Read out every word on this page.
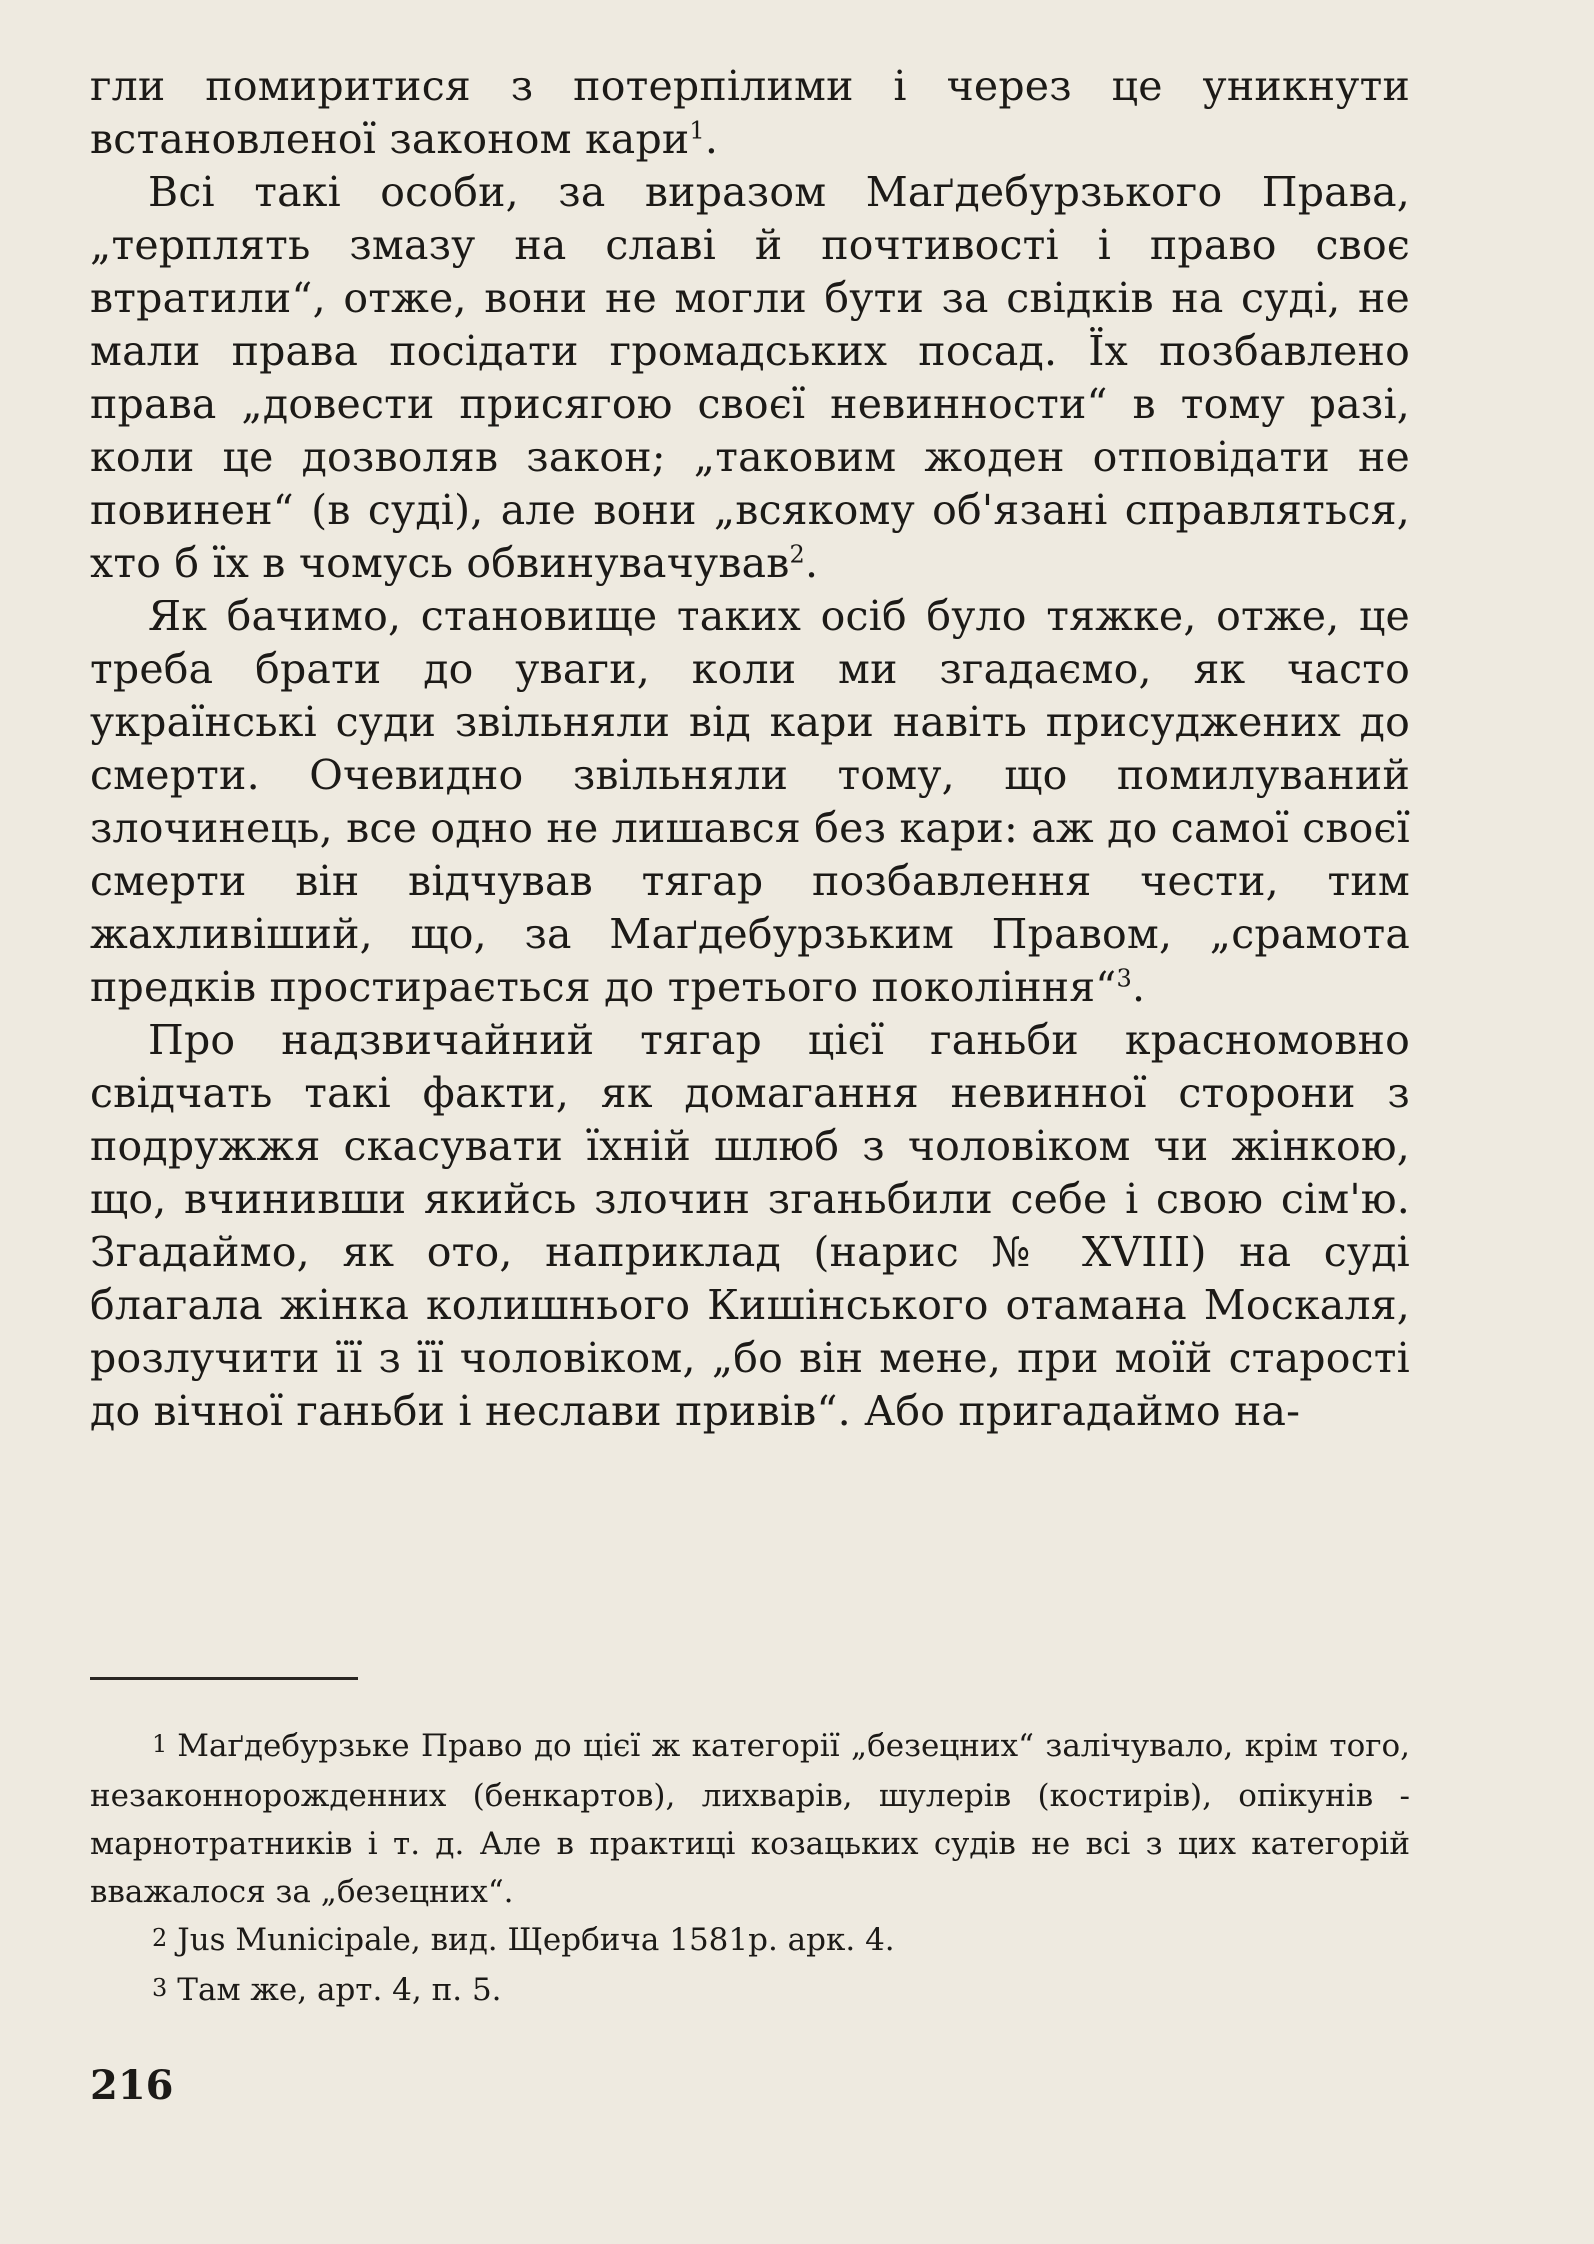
гли помиритися з потерпілими і через це уникнути встановленої законом кари$^1$.

Всі такі особи, за виразом Маґдебурзького Права, „терплять змазу на славі й почтивості і право своє втратили“, отже, вони не могли бути за свідків на суді, не мали права посідати громадських посад. Їх позбавлено права „довести присягою своєї невинности“ в тому разі, коли це дозволяв закон; „таковим жоден отповідати не повинен“ (в суді), але вони „всякому об'язані справляться, хто б їх в чомусь обвинувачував$^2$.

Як бачимо, становище таких осіб було тяжке, отже, це треба брати до уваги, коли ми згадаємо, як часто українські суди звільняли від кари навіть присуджених до смерти. Очевидно звільняли тому, що помилуваний злочинець, все одно не лишався без кари: аж до самої своєї смерти він відчував тягар позбавлення чести, тим жахливіший, що, за Маґдебурзьким Правом, „срамота предків простирається до третього покоління“$^3$.

Про надзвичайний тягар цієї ганьби красномовно свідчать такі факти, як домагання невинної сторони з подружжя скасувати їхній шлюб з чоловіком чи жінкою, що, вчинивши якийсь злочин зганьбили себе і свою сім'ю. Згадаймо, як ото, наприклад (нарис № XVIII) на суді благала жінка колишнього Кишінського отамана Москаля, розлучити її з її чоловіком, „бо він мене, при моїй старості до вічної ганьби і неслави привів“. Або пригадаймо на-

1 Маґдебурзьке Право до цієї ж категорії „безецних“ залічувало, крім того, незаконнорожденних (бенкартов), лихварів, шулерів (костирів), опікунів - марнотратників і т. д. Але в практиці козацьких судів не всі з цих категорій вважалося за „безецних“.

2 Jus Municipale, вид. Щербича 1581р. арк. 4.

3 Там же, арт. 4, п. 5.

216
